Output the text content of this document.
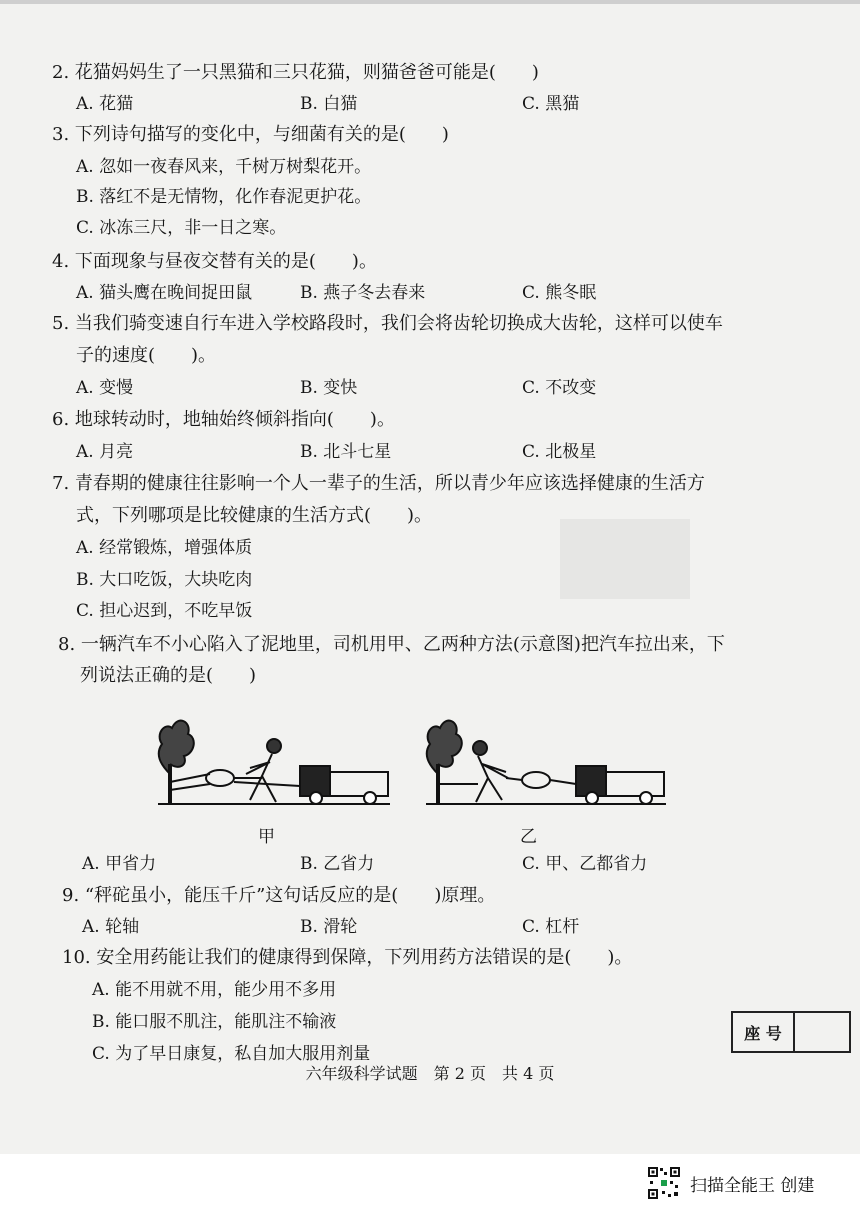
2. 花猫妈妈生了一只黑猫和三只花猫，则猫爸爸可能是(　　)
A. 花猫	B. 白猫	C. 黑猫
3. 下列诗句描写的变化中，与细菌有关的是(　　)
A. 忽如一夜春风来，千树万树梨花开。
B. 落红不是无情物，化作春泥更护花。
C. 冰冻三尺，非一日之寒。
4. 下面现象与昼夜交替有关的是(　　)。
A. 猫头鹰在晚间捉田鼠	B. 燕子冬去春来	C. 熊冬眠
5. 当我们骑变速自行车进入学校路段时，我们会将齿轮切换成大齿轮，这样可以使车
子的速度(　　)。
A. 变慢	B. 变快	C. 不改变
6. 地球转动时，地轴始终倾斜指向(　　)。
A. 月亮	B. 北斗七星	C. 北极星
7. 青春期的健康往往影响一个人一辈子的生活，所以青少年应该选择健康的生活方
式，下列哪项是比较健康的生活方式(　　)。
A. 经常锻炼，增强体质
B. 大口吃饭，大块吃肉
C. 担心迟到，不吃早饭
8. 一辆汽车不小心陷入了泥地里，司机用甲、乙两种方法(示意图)把汽车拉出来，下
列说法正确的是(　　)
甲	乙
A. 甲省力	B. 乙省力	C. 甲、乙都省力
9. “秤砣虽小，能压千斤”这句话反应的是(　　)原理。
A. 轮轴	B. 滑轮	C. 杠杆
10. 安全用药能让我们的健康得到保障，下列用药方法错误的是(　　)。
A. 能不用就不用，能少用不多用
B. 能口服不肌注，能肌注不输液
C. 为了早日康复，私自加大服用剂量
座 号
六年级科学试题　第 2 页　共 4 页
扫描全能王 创建
